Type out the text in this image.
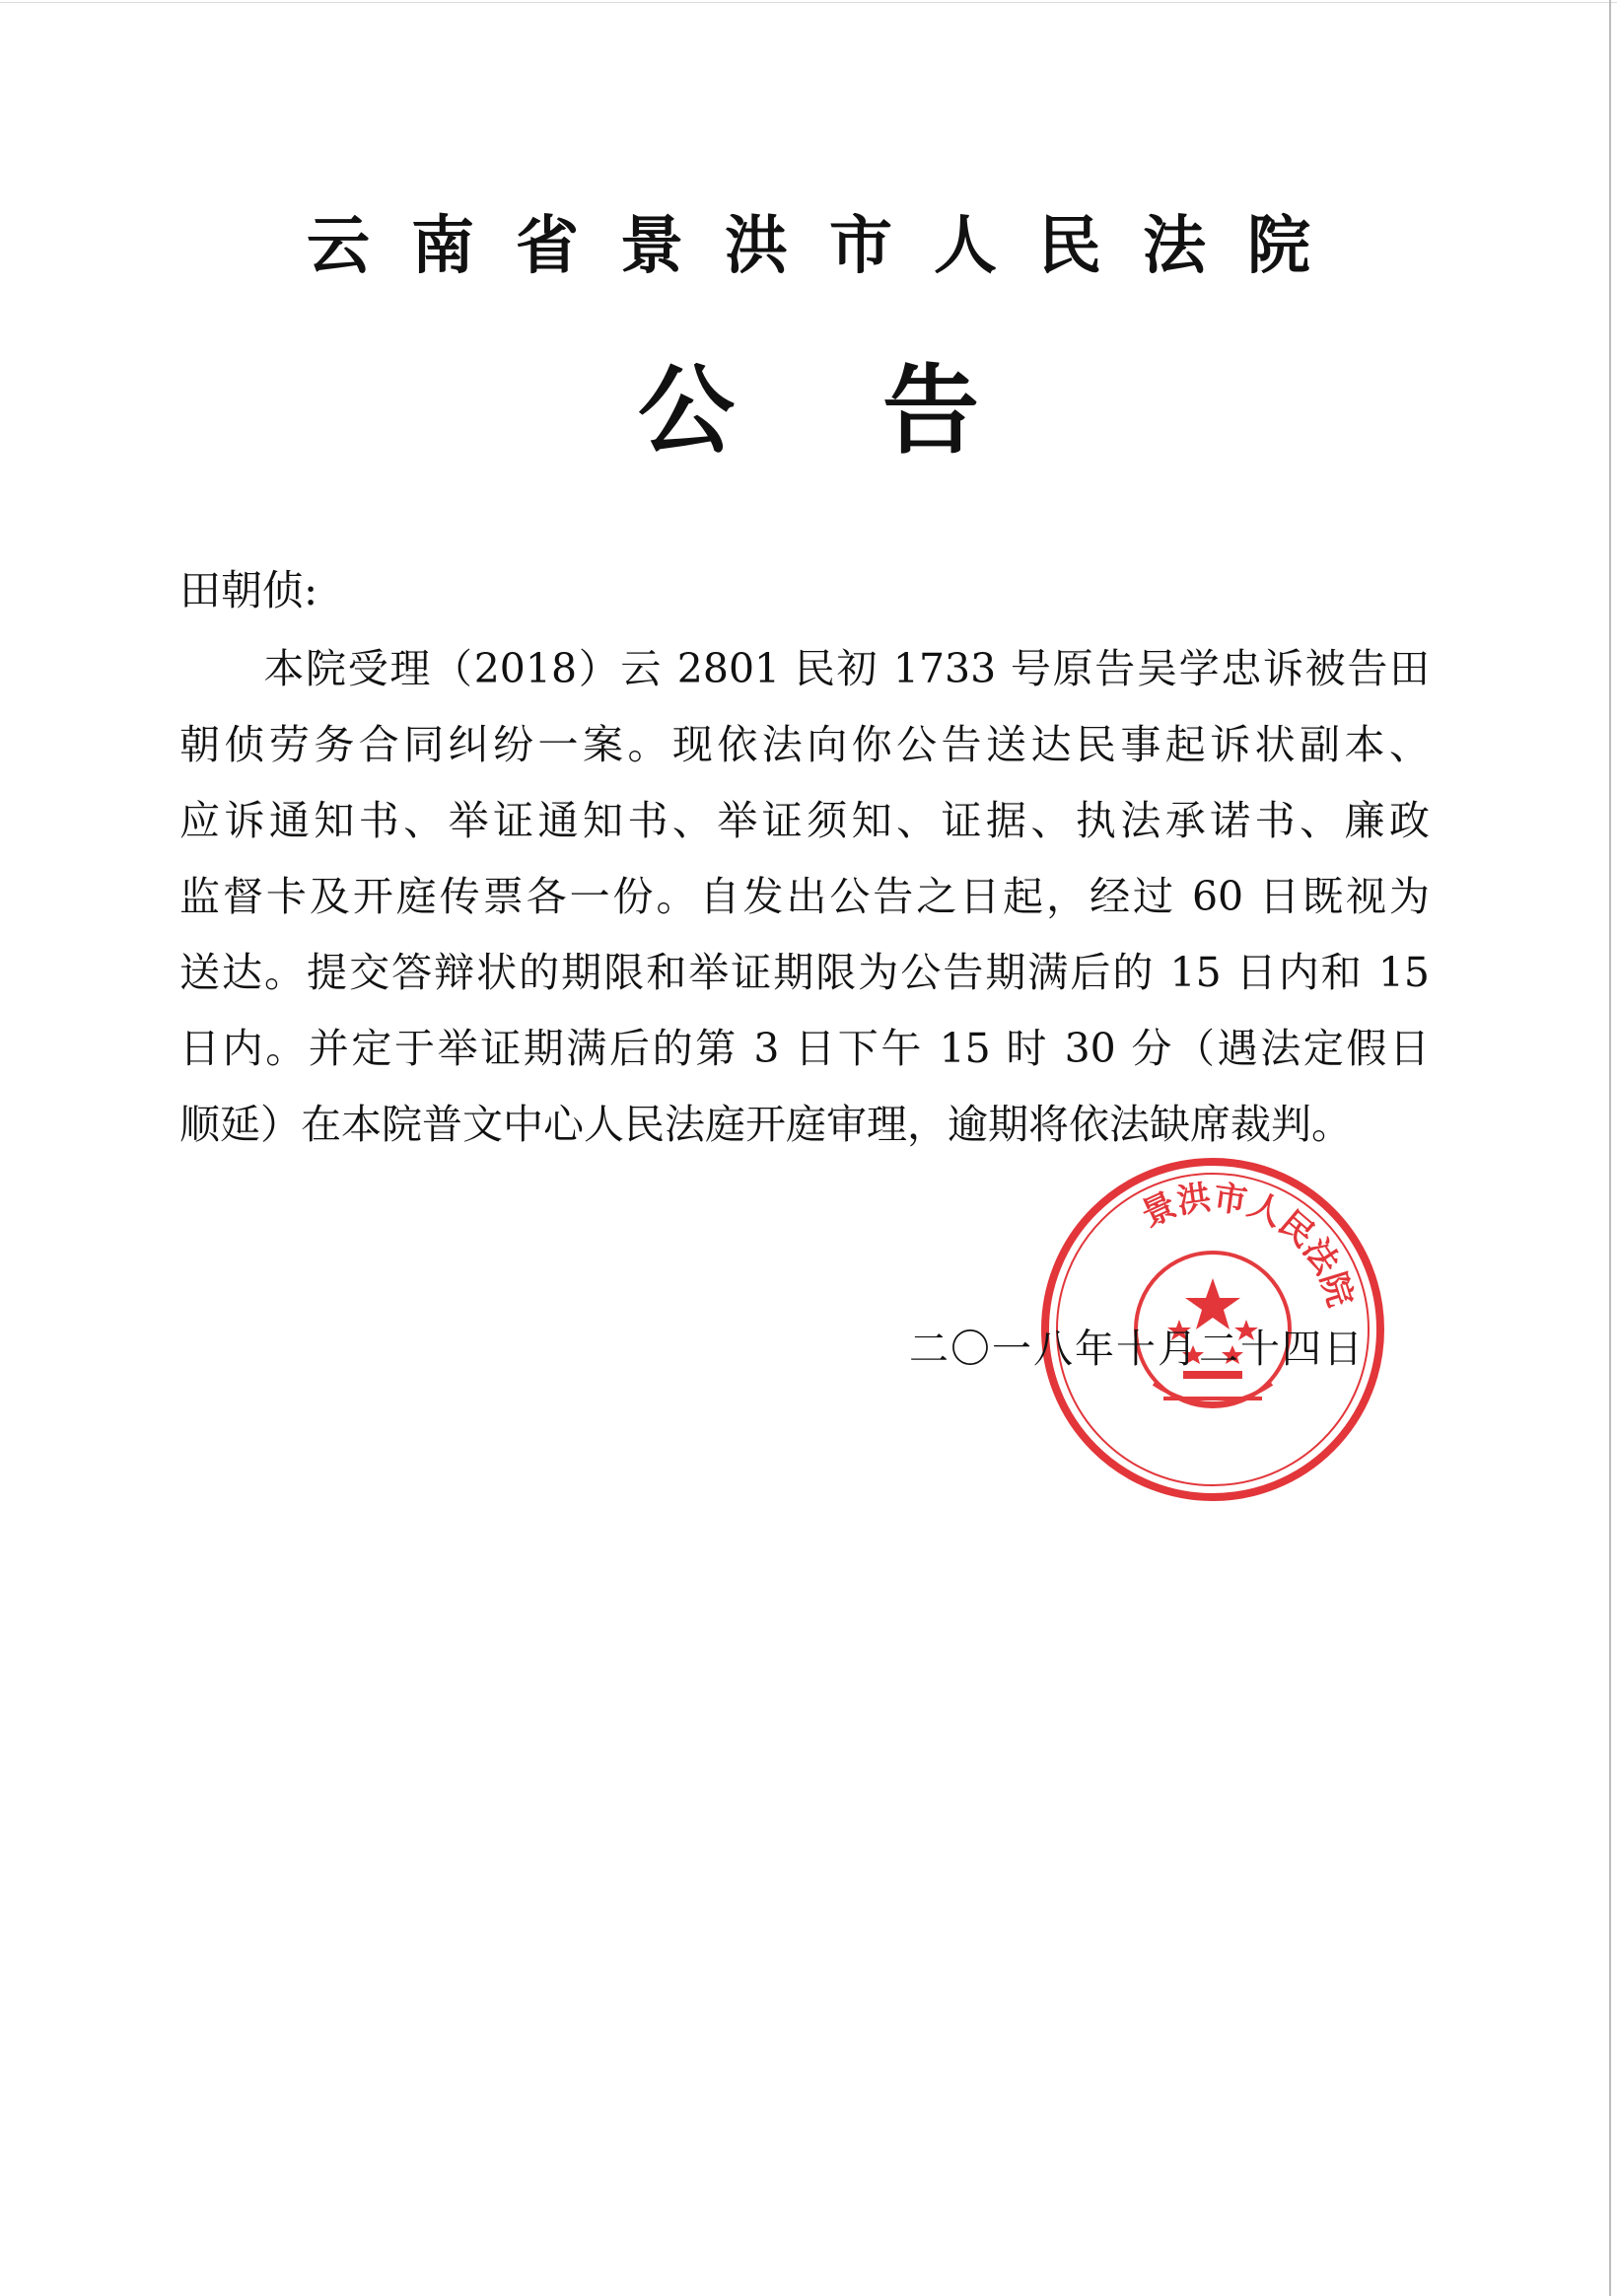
云南省景洪市人民法院
公告
田朝侦:
　　本院受理（2018）云 2801 民初 1733 号原告吴学忠诉被告田
朝侦劳务合同纠纷一案。现依法向你公告送达民事起诉状副本、
应诉通知书、举证通知书、举证须知、证据、执法承诺书、廉政
监督卡及开庭传票各一份。自发出公告之日起，经过 60 日既视为
送达。提交答辩状的期限和举证期限为公告期满后的 15 日内和 15
日内。并定于举证期满后的第 3 日下午 15 时 30 分（遇法定假日
顺延）在本院普文中心人民法庭开庭审理，逾期将依法缺席裁判。
景洪市人民法院
二〇一八年十月二十四日
